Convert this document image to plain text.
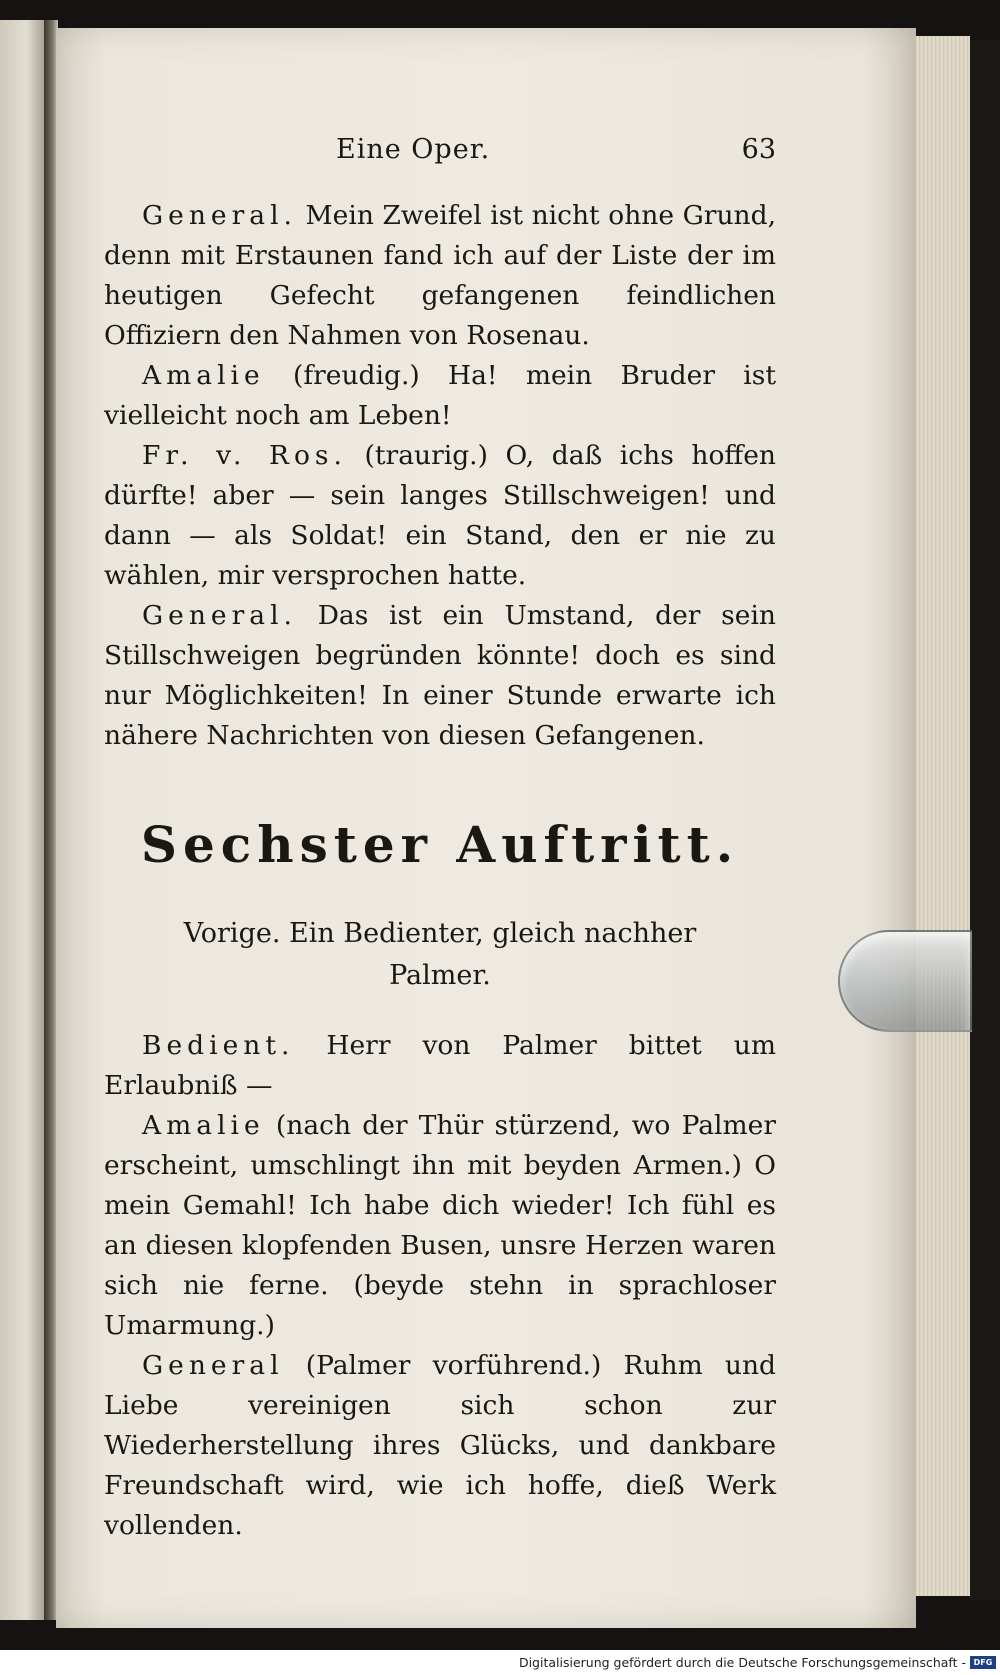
Eine Oper.	63

General. Mein Zweifel ist nicht ohne Grund, denn mit Erstaunen fand ich auf der Liste der im heutigen Gefecht gefangenen feindlichen Offiziern den Nahmen von Rosenau.

Amalie (freudig.) Ha! mein Bruder ist vielleicht noch am Leben!

Fr. v. Ros. (traurig.) O, daß ichs hoffen dürfte! aber — sein langes Stillschweigen! und dann — als Soldat! ein Stand, den er nie zu wählen, mir versprochen hatte.

General. Das ist ein Umstand, der sein Stillschweigen begründen könnte! doch es sind nur Möglichkeiten! In einer Stunde erwarte ich nähere Nachrichten von diesen Gefangenen.

Sechster Auftritt.
Vorige. Ein Bedienter, gleich nachher
Palmer.

Bedient. Herr von Palmer bittet um Erlaubniß —

Amalie (nach der Thür stürzend, wo Palmer erscheint, umschlingt ihn mit beyden Armen.) O mein Gemahl! Ich habe dich wieder! Ich fühl es an diesen klopfenden Busen, unsre Herzen waren sich nie ferne. (beyde stehn in sprachloser Umarmung.)

General (Palmer vorführend.) Ruhm und Liebe vereinigen sich schon zur Wiederherstellung ihres Glücks, und dankbare Freundschaft wird, wie ich hoffe, dieß Werk vollenden.

Digitalisierung gefördert durch die Deutsche Forschungsgemeinschaft - DFG
